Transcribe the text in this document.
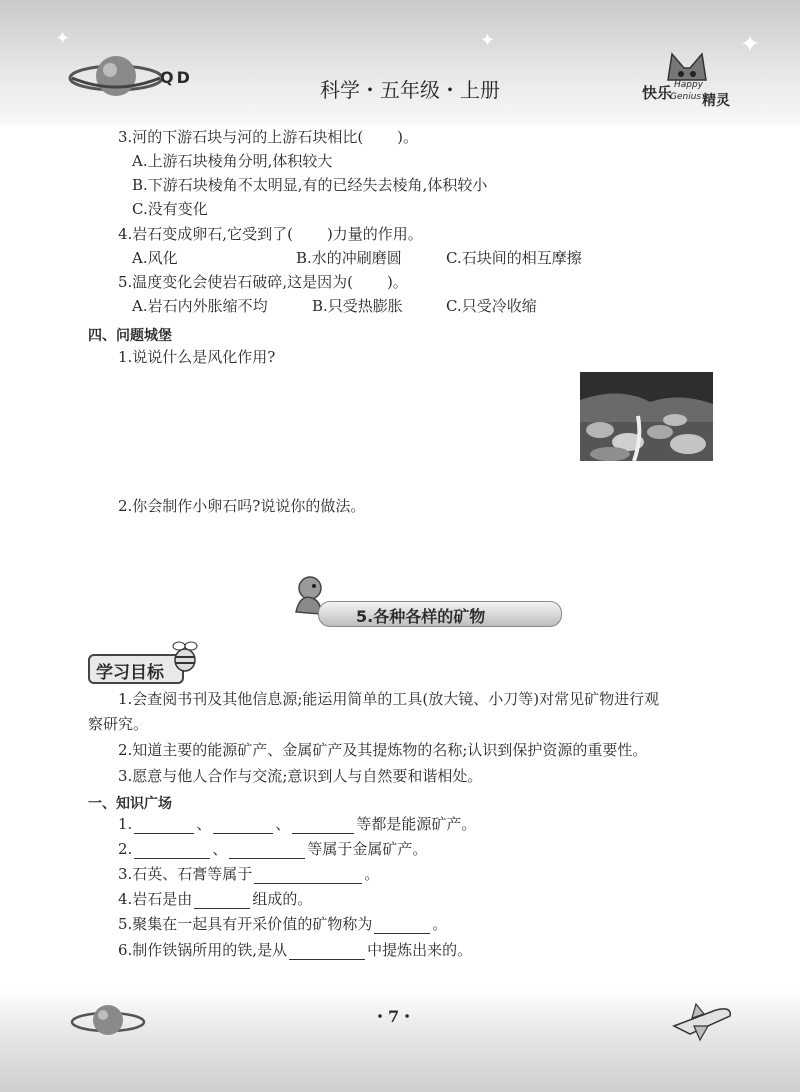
✦	✦	✦
QD
科学・五年级・上册	快乐 Happy
Genius 精灵
3.河的下游石块与河的上游石块相比( )。
A.上游石块棱角分明,体积较大
B.下游石块棱角不太明显,有的已经失去棱角,体积较小
C.没有变化
4.岩石变成卵石,它受到了( )力量的作用。
A.风化	B.水的冲刷磨圆	C.石块间的相互摩擦
5.温度变化会使岩石破碎,这是因为( )。
A.岩石内外胀缩不均	B.只受热膨胀	C.只受冷收缩
四、问题城堡
1.说说什么是风化作用?
2.你会制作小卵石吗?说说你的做法。
5.各种各样的矿物
学习目标
1.会查阅书刊及其他信息源;能运用简单的工具(放大镜、小刀等)对常见矿物进行观
察研究。
2.知道主要的能源矿产、金属矿产及其提炼物的名称;认识到保护资源的重要性。
3.愿意与他人合作与交流;意识到人与自然要和谐相处。
一、知识广场
1.	、	、	等都是能源矿产。
2.	、	等属于金属矿产。
3.石英、石膏等属于	。
4.岩石是由	组成的。
5.聚集在一起具有开采价值的矿物称为	。
6.制作铁锅所用的铁,是从	中提炼出来的。
・7・
